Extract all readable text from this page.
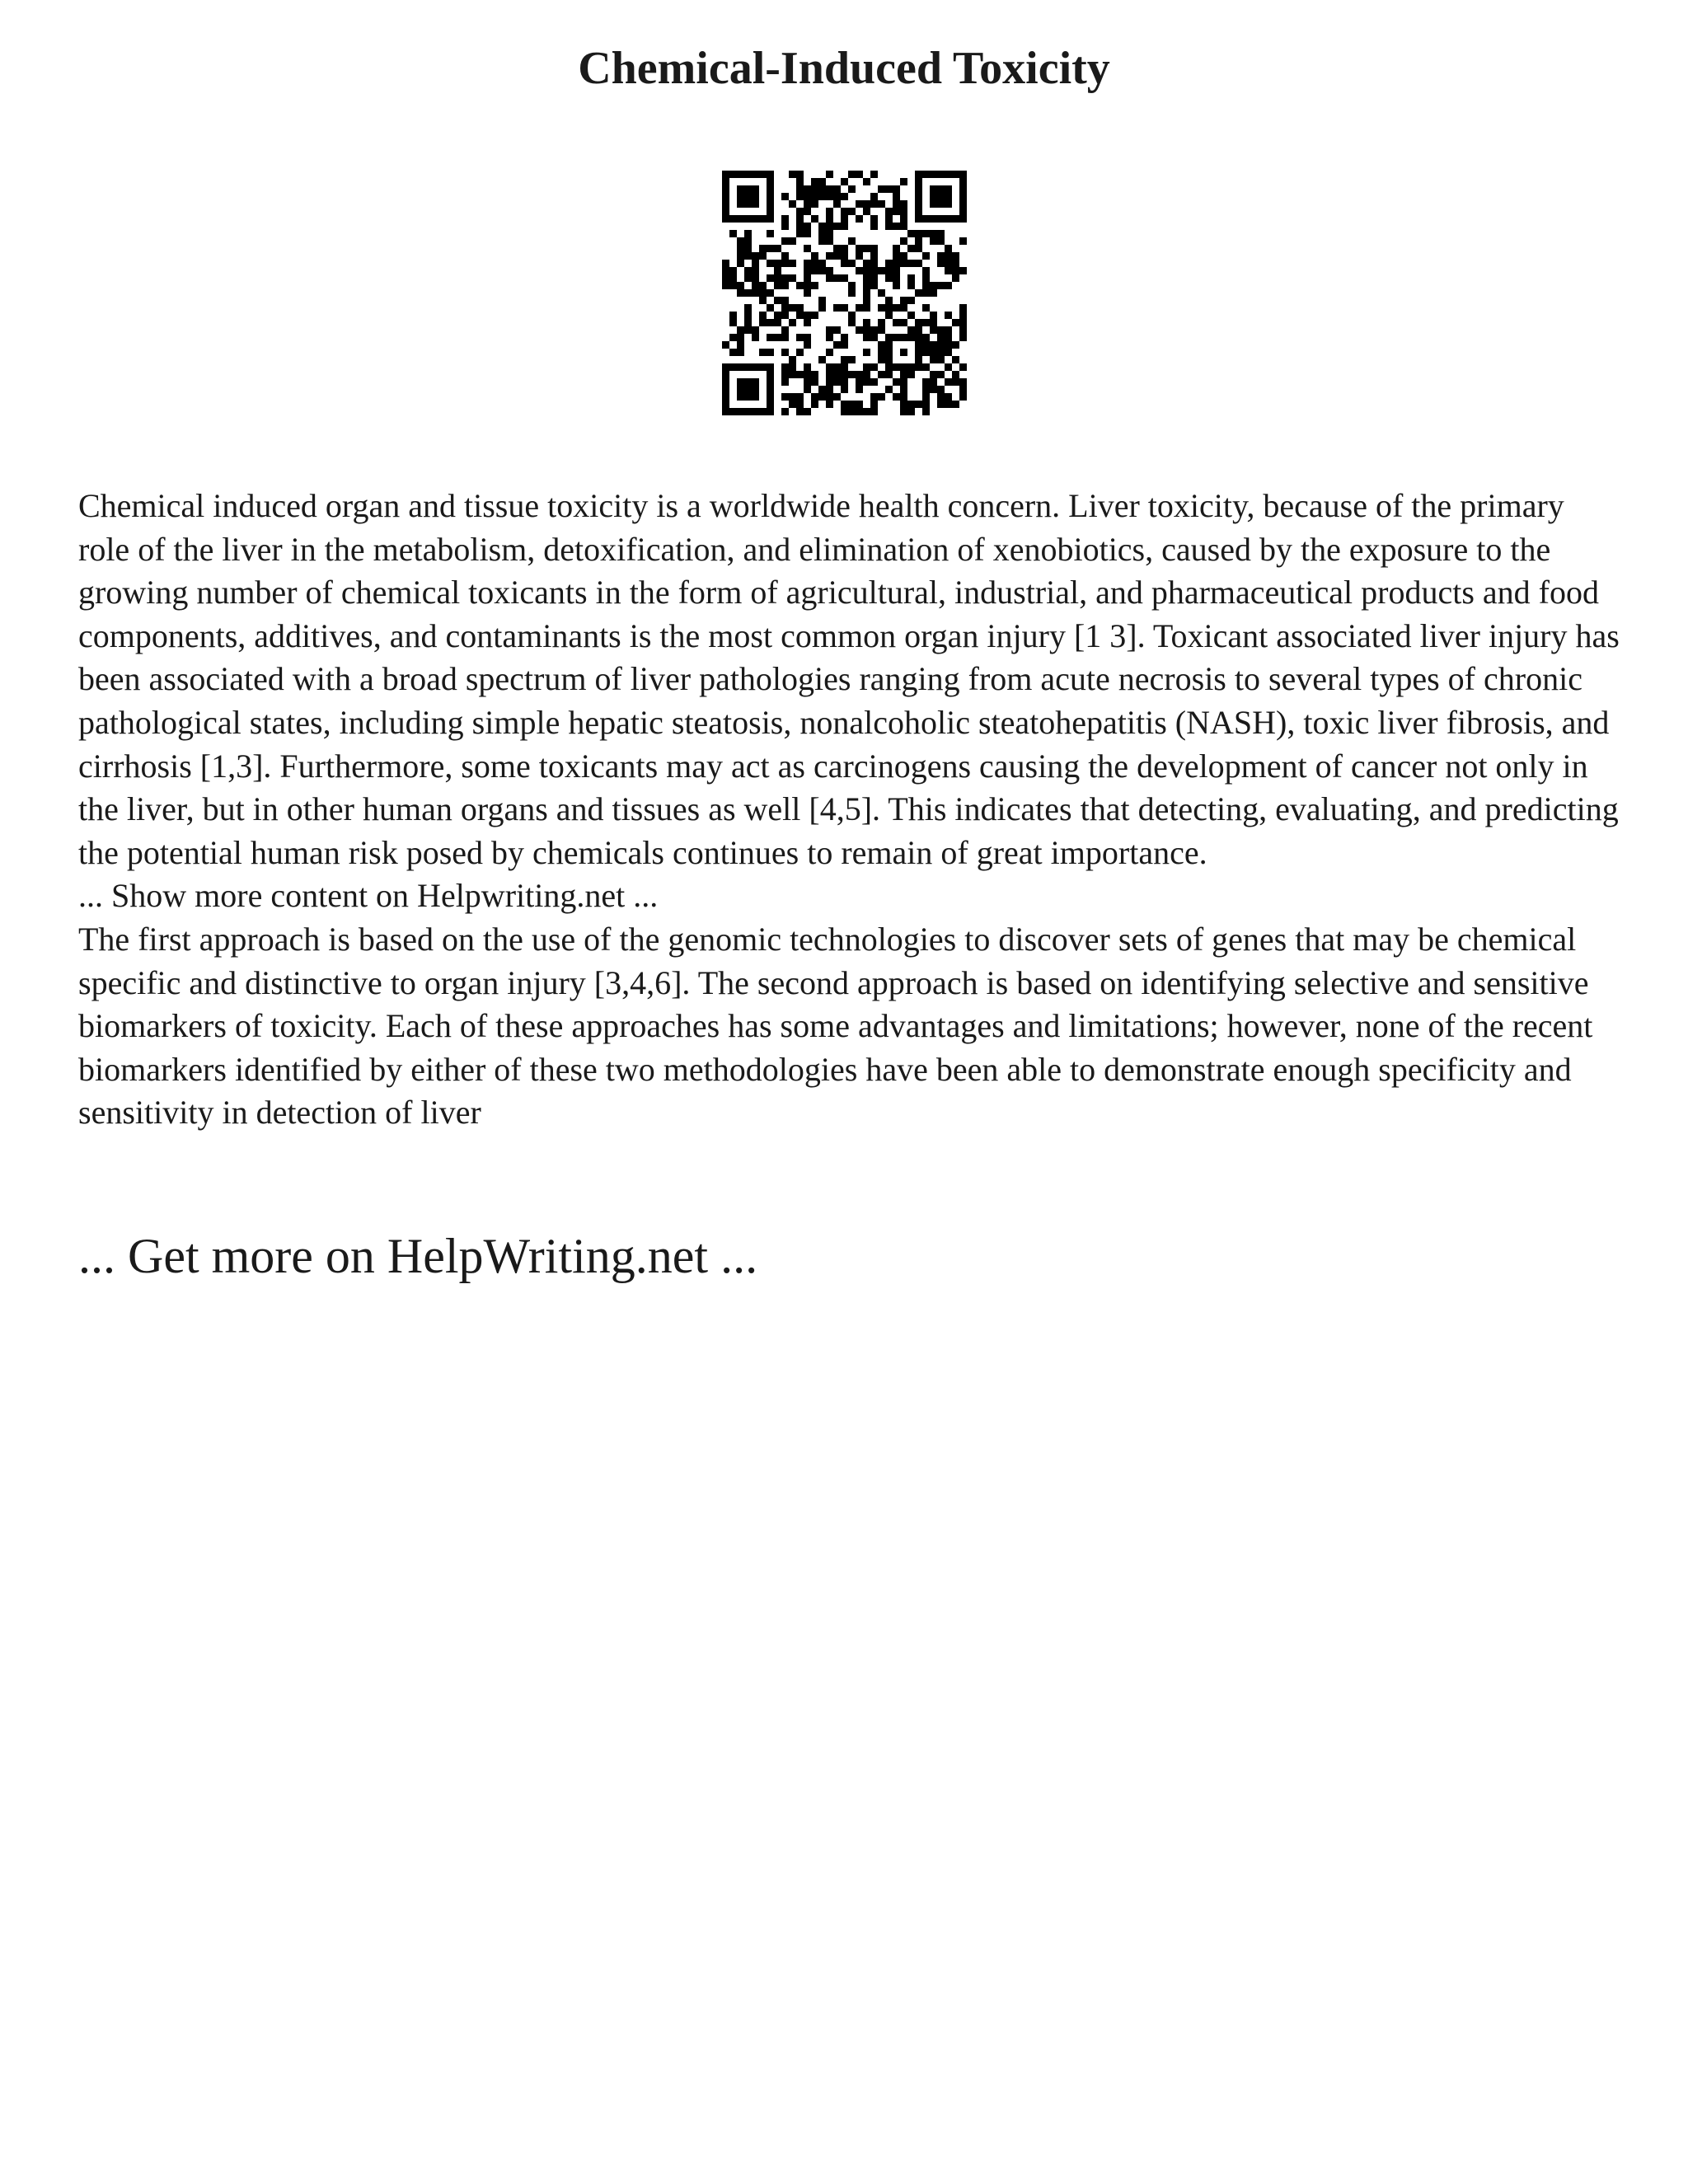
Chemical-Induced Toxicity

Chemical induced organ and tissue toxicity is a worldwide health concern. Liver toxicity, because of the primary role of the liver in the metabolism, detoxification, and elimination of xenobiotics, caused by the exposure to the growing number of chemical toxicants in the form of agricultural, industrial, and pharmaceutical products and food components, additives, and contaminants is the most common organ injury [1 3]. Toxicant associated liver injury has been associated with a broad spectrum of liver pathologies ranging from acute necrosis to several types of chronic pathological states, including simple hepatic steatosis, nonalcoholic steatohepatitis (NASH), toxic liver fibrosis, and cirrhosis [1,3]. Furthermore, some toxicants may act as carcinogens causing the development of cancer not only in the liver, but in other human organs and tissues as well [4,5]. This indicates that detecting, evaluating, and predicting the potential human risk posed by chemicals continues to remain of great importance.

... Show more content on Helpwriting.net ...

The first approach is based on the use of the genomic technologies to discover sets of genes that may be chemical specific and distinctive to organ injury [3,4,6]. The second approach is based on identifying selective and sensitive biomarkers of toxicity. Each of these approaches has some advantages and limitations; however, none of the recent biomarkers identified by either of these two methodologies have been able to demonstrate enough specificity and sensitivity in detection of liver

... Get more on HelpWriting.net ...
